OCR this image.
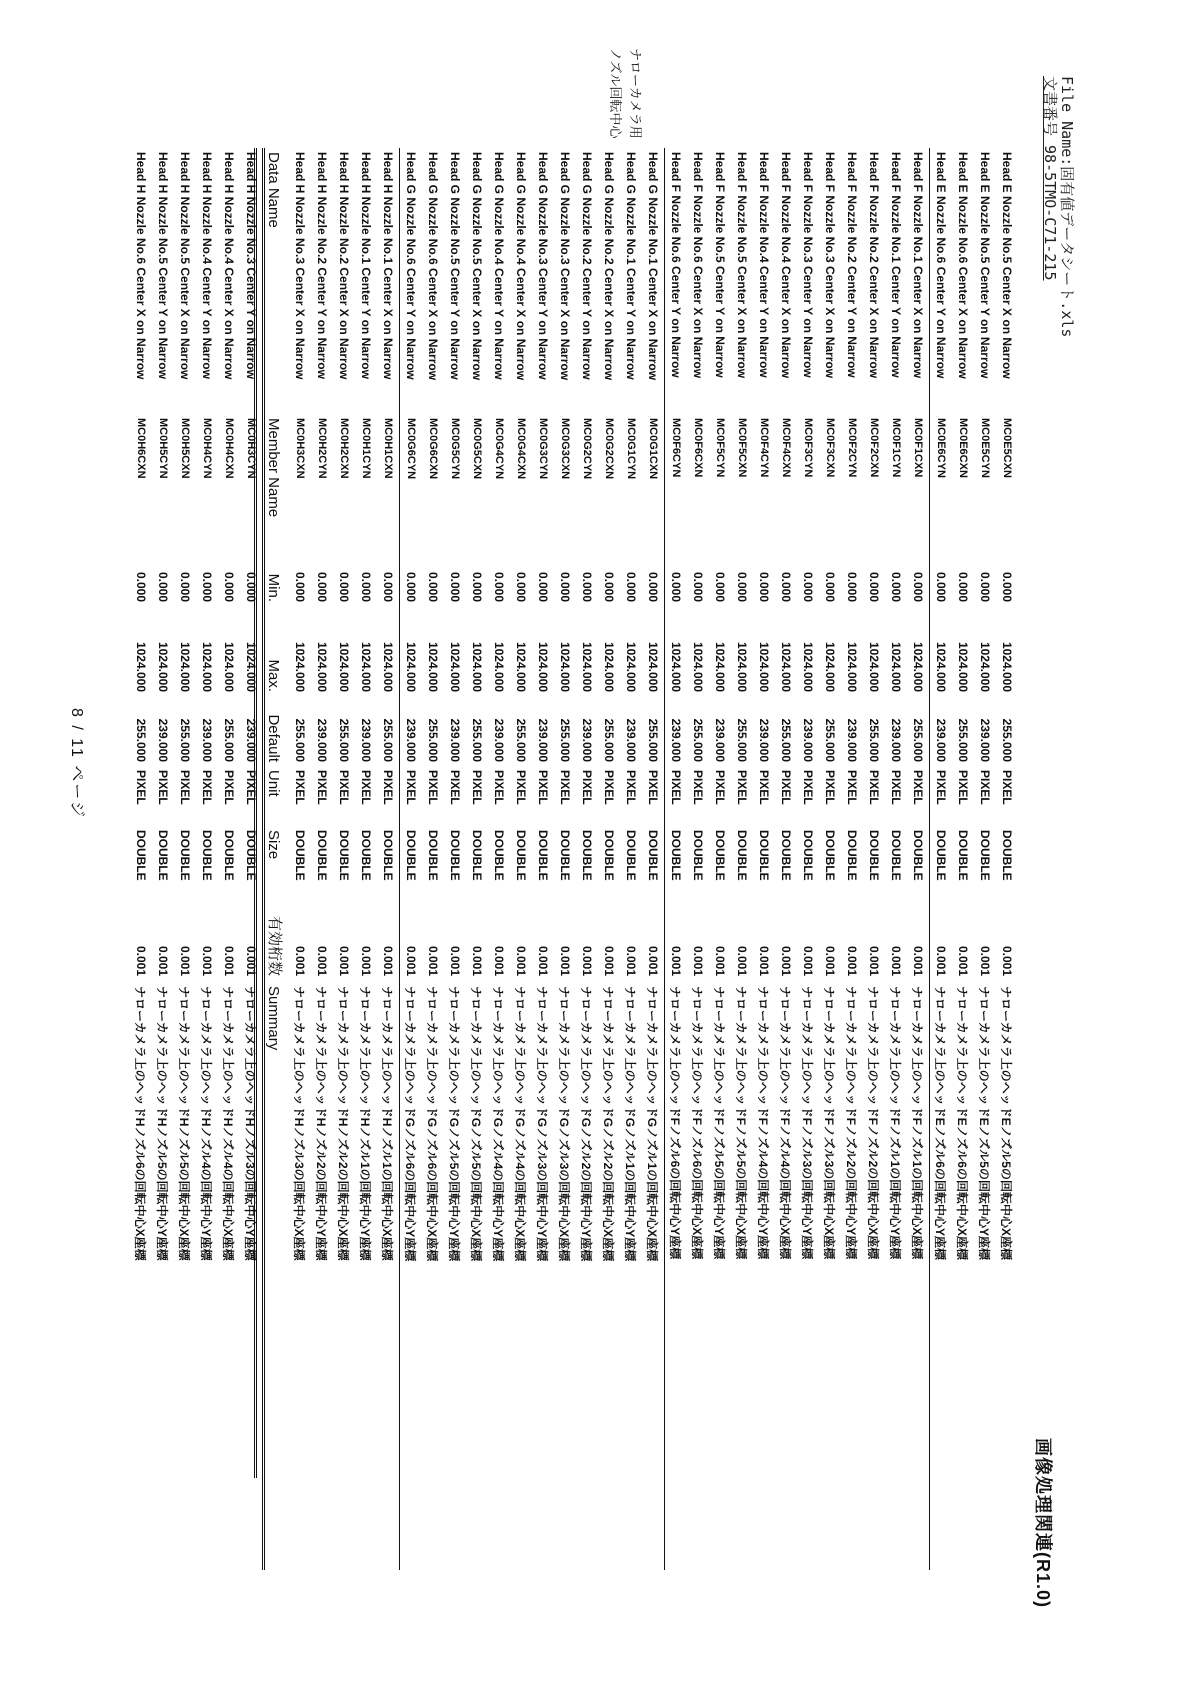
File Name:固有値データシート.xls
文書番号 98-5TMO-C71-215
画像処理関連(R1.0)
ナローカメラ用
ノズル回転中心
Head E Nozzle No.5 Center X on Narrow	MC0E5CXN	0.000	1024.000	255.000	PIXEL	DOUBLE	0.001	ナローカメラ上のヘッドEノズル5の回転中心X座標
Head E Nozzle No.5 Center Y on Narrow	MC0E5CYN	0.000	1024.000	239.000	PIXEL	DOUBLE	0.001	ナローカメラ上のヘッドEノズル5の回転中心Y座標
Head E Nozzle No.6 Center X on Narrow	MC0E6CXN	0.000	1024.000	255.000	PIXEL	DOUBLE	0.001	ナローカメラ上のヘッドEノズル6の回転中心X座標
Head E Nozzle No.6 Center Y on Narrow	MC0E6CYN	0.000	1024.000	239.000	PIXEL	DOUBLE	0.001	ナローカメラ上のヘッドEノズル6の回転中心Y座標
Head F Nozzle No.1 Center X on Narrow	MC0F1CXN	0.000	1024.000	255.000	PIXEL	DOUBLE	0.001	ナローカメラ上のヘッドFノズル1の回転中心X座標
Head F Nozzle No.1 Center Y on Narrow	MC0F1CYN	0.000	1024.000	239.000	PIXEL	DOUBLE	0.001	ナローカメラ上のヘッドFノズル1の回転中心Y座標
Head F Nozzle No.2 Center X on Narrow	MC0F2CXN	0.000	1024.000	255.000	PIXEL	DOUBLE	0.001	ナローカメラ上のヘッドFノズル2の回転中心X座標
Head F Nozzle No.2 Center Y on Narrow	MC0F2CYN	0.000	1024.000	239.000	PIXEL	DOUBLE	0.001	ナローカメラ上のヘッドFノズル2の回転中心Y座標
Head F Nozzle No.3 Center X on Narrow	MC0F3CXN	0.000	1024.000	255.000	PIXEL	DOUBLE	0.001	ナローカメラ上のヘッドFノズル3の回転中心X座標
Head F Nozzle No.3 Center Y on Narrow	MC0F3CYN	0.000	1024.000	239.000	PIXEL	DOUBLE	0.001	ナローカメラ上のヘッドFノズル3の回転中心Y座標
Head F Nozzle No.4 Center X on Narrow	MC0F4CXN	0.000	1024.000	255.000	PIXEL	DOUBLE	0.001	ナローカメラ上のヘッドFノズル4の回転中心X座標
Head F Nozzle No.4 Center Y on Narrow	MC0F4CYN	0.000	1024.000	239.000	PIXEL	DOUBLE	0.001	ナローカメラ上のヘッドFノズル4の回転中心Y座標
Head F Nozzle No.5 Center X on Narrow	MC0F5CXN	0.000	1024.000	255.000	PIXEL	DOUBLE	0.001	ナローカメラ上のヘッドFノズル5の回転中心X座標
Head F Nozzle No.5 Center Y on Narrow	MC0F5CYN	0.000	1024.000	239.000	PIXEL	DOUBLE	0.001	ナローカメラ上のヘッドFノズル5の回転中心Y座標
Head F Nozzle No.6 Center X on Narrow	MC0F6CXN	0.000	1024.000	255.000	PIXEL	DOUBLE	0.001	ナローカメラ上のヘッドFノズル6の回転中心X座標
Head F Nozzle No.6 Center Y on Narrow	MC0F6CYN	0.000	1024.000	239.000	PIXEL	DOUBLE	0.001	ナローカメラ上のヘッドFノズル6の回転中心Y座標
Head G Nozzle No.1 Center X on Narrow	MC0G1CXN	0.000	1024.000	255.000	PIXEL	DOUBLE	0.001	ナローカメラ上のヘッドGノズル1の回転中心X座標
Head G Nozzle No.1 Center Y on Narrow	MC0G1CYN	0.000	1024.000	239.000	PIXEL	DOUBLE	0.001	ナローカメラ上のヘッドGノズル1の回転中心Y座標
Head G Nozzle No.2 Center X on Narrow	MC0G2CXN	0.000	1024.000	255.000	PIXEL	DOUBLE	0.001	ナローカメラ上のヘッドGノズル2の回転中心X座標
Head G Nozzle No.2 Center Y on Narrow	MC0G2CYN	0.000	1024.000	239.000	PIXEL	DOUBLE	0.001	ナローカメラ上のヘッドGノズル2の回転中心Y座標
Head G Nozzle No.3 Center X on Narrow	MC0G3CXN	0.000	1024.000	255.000	PIXEL	DOUBLE	0.001	ナローカメラ上のヘッドGノズル3の回転中心X座標
Head G Nozzle No.3 Center Y on Narrow	MC0G3CYN	0.000	1024.000	239.000	PIXEL	DOUBLE	0.001	ナローカメラ上のヘッドGノズル3の回転中心Y座標
Head G Nozzle No.4 Center X on Narrow	MC0G4CXN	0.000	1024.000	255.000	PIXEL	DOUBLE	0.001	ナローカメラ上のヘッドGノズル4の回転中心X座標
Head G Nozzle No.4 Center Y on Narrow	MC0G4CYN	0.000	1024.000	239.000	PIXEL	DOUBLE	0.001	ナローカメラ上のヘッドGノズル4の回転中心Y座標
Head G Nozzle No.5 Center X on Narrow	MC0G5CXN	0.000	1024.000	255.000	PIXEL	DOUBLE	0.001	ナローカメラ上のヘッドGノズル5の回転中心X座標
Head G Nozzle No.5 Center Y on Narrow	MC0G5CYN	0.000	1024.000	239.000	PIXEL	DOUBLE	0.001	ナローカメラ上のヘッドGノズル5の回転中心Y座標
Head G Nozzle No.6 Center X on Narrow	MC0G6CXN	0.000	1024.000	255.000	PIXEL	DOUBLE	0.001	ナローカメラ上のヘッドGノズル6の回転中心X座標
Head G Nozzle No.6 Center Y on Narrow	MC0G6CYN	0.000	1024.000	239.000	PIXEL	DOUBLE	0.001	ナローカメラ上のヘッドGノズル6の回転中心Y座標
Head H Nozzle No.1 Center X on Narrow	MC0H1CXN	0.000	1024.000	255.000	PIXEL	DOUBLE	0.001	ナローカメラ上のヘッドHノズル1の回転中心X座標
Head H Nozzle No.1 Center Y on Narrow	MC0H1CYN	0.000	1024.000	239.000	PIXEL	DOUBLE	0.001	ナローカメラ上のヘッドHノズル1の回転中心Y座標
Head H Nozzle No.2 Center X on Narrow	MC0H2CXN	0.000	1024.000	255.000	PIXEL	DOUBLE	0.001	ナローカメラ上のヘッドHノズル2の回転中心X座標
Head H Nozzle No.2 Center Y on Narrow	MC0H2CYN	0.000	1024.000	239.000	PIXEL	DOUBLE	0.001	ナローカメラ上のヘッドHノズル2の回転中心Y座標
Head H Nozzle No.3 Center X on Narrow	MC0H3CXN	0.000	1024.000	255.000	PIXEL	DOUBLE	0.001	ナローカメラ上のヘッドHノズル3の回転中心X座標
Data Name	Member Name	Min.	Max.	Default	Unit	Size	有効桁数	Summary
Head H Nozzle No.3 Center Y on Narrow	MC0H3CYN	0.000	1024.000	239.000	PIXEL	DOUBLE	0.001	ナローカメラ上のヘッドHノズル3の回転中心Y座標
Head H Nozzle No.4 Center X on Narrow	MC0H4CXN	0.000	1024.000	255.000	PIXEL	DOUBLE	0.001	ナローカメラ上のヘッドHノズル4の回転中心X座標
Head H Nozzle No.4 Center Y on Narrow	MC0H4CYN	0.000	1024.000	239.000	PIXEL	DOUBLE	0.001	ナローカメラ上のヘッドHノズル4の回転中心Y座標
Head H Nozzle No.5 Center X on Narrow	MC0H5CXN	0.000	1024.000	255.000	PIXEL	DOUBLE	0.001	ナローカメラ上のヘッドHノズル5の回転中心X座標
Head H Nozzle No.5 Center Y on Narrow	MC0H5CYN	0.000	1024.000	239.000	PIXEL	DOUBLE	0.001	ナローカメラ上のヘッドHノズル5の回転中心Y座標
Head H Nozzle No.6 Center X on Narrow	MC0H6CXN	0.000	1024.000	255.000	PIXEL	DOUBLE	0.001	ナローカメラ上のヘッドHノズル6の回転中心X座標
8 / 11 ページ
